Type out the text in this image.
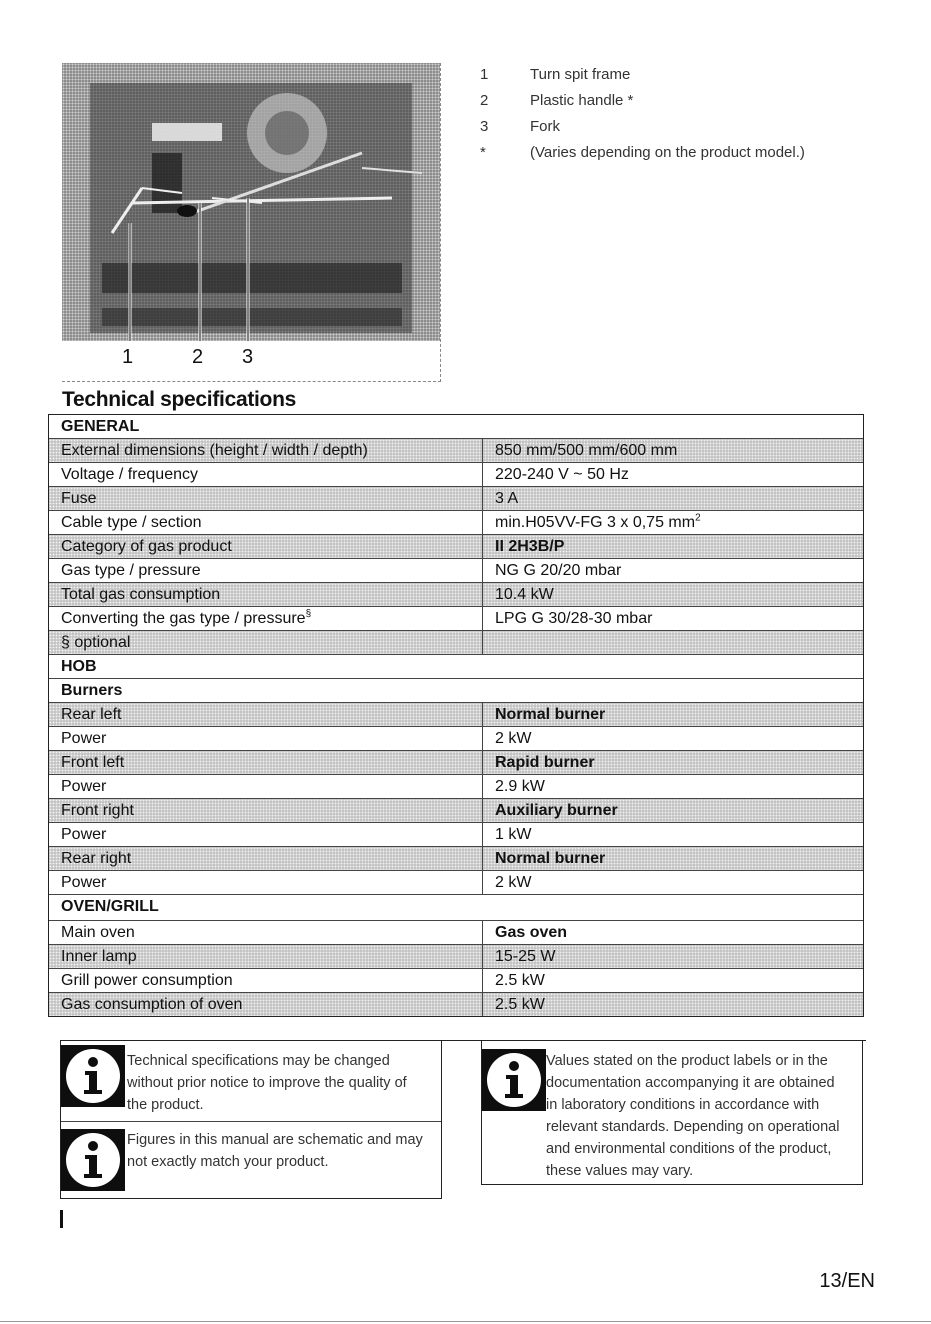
1	2 3
1	Turn spit frame
2	Plastic handle *
3	Fork
*	(Varies depending on the product model.)
Technical specifications
GENERAL
External dimensions (height / width / depth)	850 mm/500 mm/600 mm
Voltage / frequency	220-240 V ~ 50 Hz
Fuse	3 A
Cable type / section	min.H05VV-FG 3 x 0,75 $mm^2$
Category of gas product	II 2H3B/P
Gas type / pressure	NG G 20/20 mbar
Total gas consumption	10.4 kW
Converting the gas type / pressure§	LPG G 30/28-30 mbar
§ optional
HOB
Burners
Rear left	Normal burner
Power	2 kW
Front left	Rapid burner
Power	2.9 kW
Front right	Auxiliary burner
Power	1 kW
Rear right	Normal burner
Power	2 kW
OVEN/GRILL
Main oven	Gas oven
Inner lamp	15-25 W
Grill power consumption	2.5 kW
Gas consumption of oven	2.5 kW
Technical specifications may be changed
without prior notice to improve the quality of
the product.
Figures in this manual are schematic and may
not exactly match your product.
Values stated on the product labels or in the
documentation accompanying it are obtained
in laboratory conditions in accordance with
relevant standards. Depending on operational
and environmental conditions of the product,
these values may vary.
13/EN
